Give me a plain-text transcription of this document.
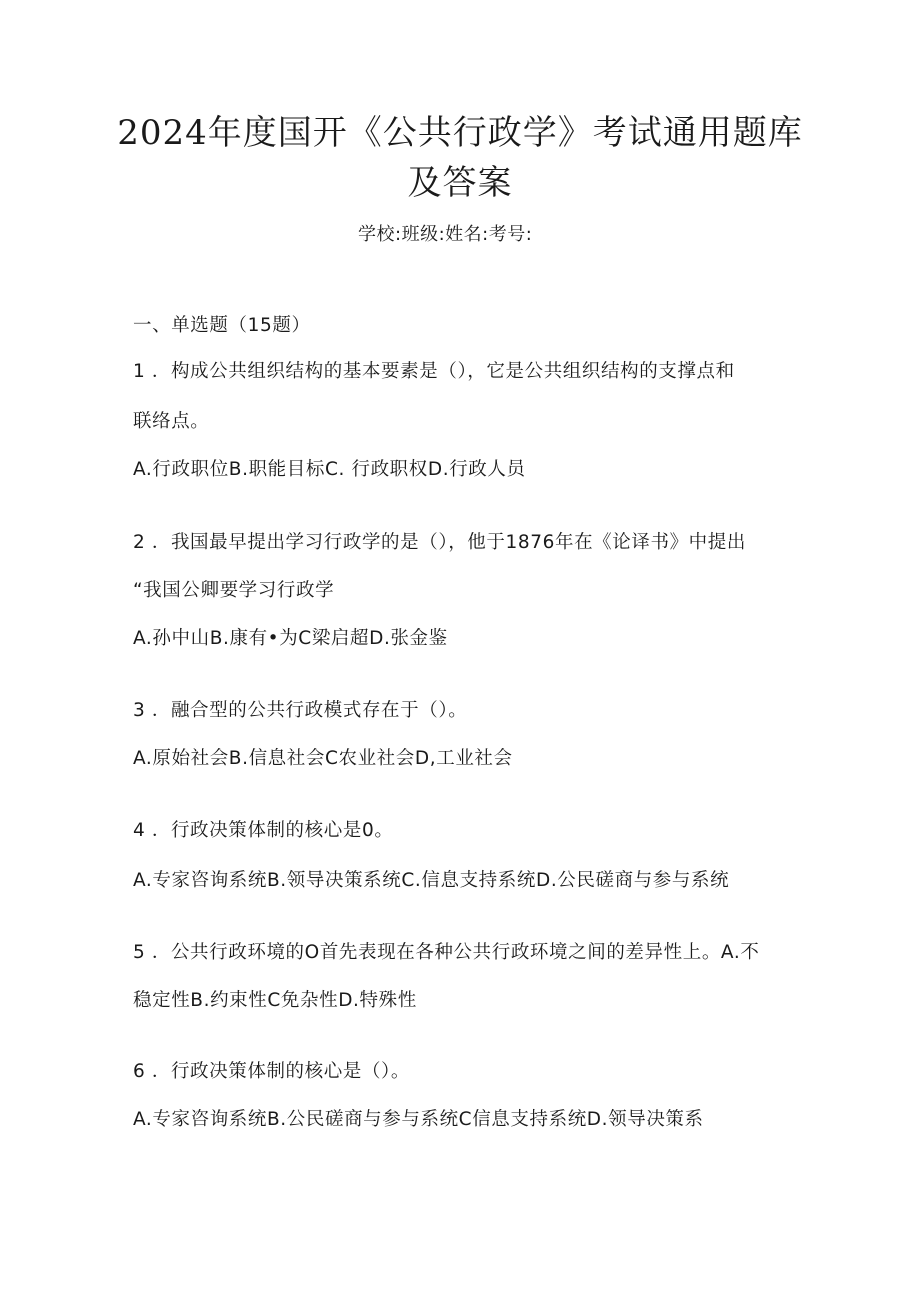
2024年度国开《公共行政学》考试通用题库
及答案
学校:班级:姓名:考号:
一、单选题（15题）
1 ．构成公共组织结构的基本要素是（），它是公共组织结构的支撑点和
联络点。
A.行政职位B.职能目标C. 行政职权D.行政人员
2 ．我国最早提出学习行政学的是（），他于1876年在《论译书》中提出
“我国公卿要学习行政学
A.孙中山B.康有•为C梁启超D.张金鉴
3 ．融合型的公共行政模式存在于（）。
A.原始社会B.信息社会C农业社会D,工业社会
4 ．行政决策体制的核心是0。
A.专家咨询系统B.领导决策系统C.信息支持系统D.公民磋商与参与系统
5 ．公共行政环境的O首先表现在各种公共行政环境之间的差异性上。A.不
稳定性B.约束性C免杂性D.特殊性
6 ．行政决策体制的核心是（）。
A.专家咨询系统B.公民磋商与参与系统C信息支持系统D.领导决策系
